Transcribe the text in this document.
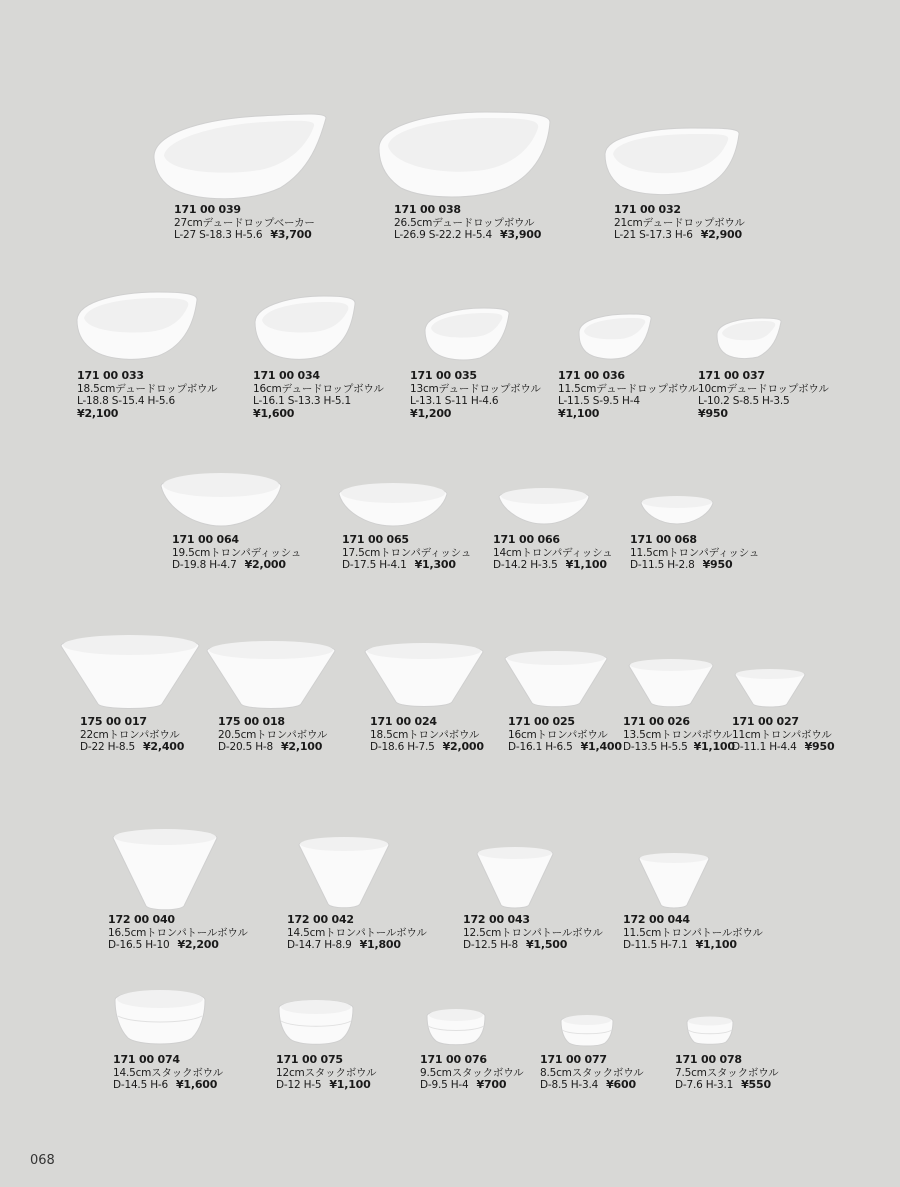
171 00 039
27cmデュードロップベーカー
L-27 S-18.3 H-5.6 ¥3,700
171 00 038
26.5cmデュードロップボウル
L-26.9 S-22.2 H-5.4 ¥3,900
171 00 032
21cmデュードロップボウル
L-21 S-17.3 H-6 ¥2,900
171 00 033
18.5cmデュードロップボウル
L-18.8 S-15.4 H-5.6
¥2,100
171 00 034
16cmデュードロップボウル
L-16.1 S-13.3 H-5.1
¥1,600
171 00 035
13cmデュードロップボウル
L-13.1 S-11 H-4.6
¥1,200
171 00 036
11.5cmデュードロップボウル
L-11.5 S-9.5 H-4
¥1,100
171 00 037
10cmデュードロップボウル
L-10.2 S-8.5 H-3.5
¥950
171 00 064
19.5cmトロンパディッシュ
D-19.8 H-4.7 ¥2,000
171 00 065
17.5cmトロンパディッシュ
D-17.5 H-4.1 ¥1,300
171 00 066
14cmトロンパディッシュ
D-14.2 H-3.5 ¥1,100
171 00 068
11.5cmトロンパディッシュ
D-11.5 H-2.8 ¥950
175 00 017
22cmトロンパボウル
D-22 H-8.5 ¥2,400
175 00 018
20.5cmトロンパボウル
D-20.5 H-8 ¥2,100
171 00 024
18.5cmトロンパボウル
D-18.6 H-7.5 ¥2,000
171 00 025
16cmトロンパボウル
D-16.1 H-6.5 ¥1,400
171 00 026
13.5cmトロンパボウル
D-13.5 H-5.5 ¥1,100
171 00 027
11cmトロンパボウル
D-11.1 H-4.4 ¥950
172 00 040
16.5cmトロンパトールボウル
D-16.5 H-10 ¥2,200
172 00 042
14.5cmトロンパトールボウル
D-14.7 H-8.9 ¥1,800
172 00 043
12.5cmトロンパトールボウル
D-12.5 H-8 ¥1,500
172 00 044
11.5cmトロンパトールボウル
D-11.5 H-7.1 ¥1,100
171 00 074
14.5cmスタックボウル
D-14.5 H-6 ¥1,600
171 00 075
12cmスタックボウル
D-12 H-5 ¥1,100
171 00 076
9.5cmスタックボウル
D-9.5 H-4 ¥700
171 00 077
8.5cmスタックボウル
D-8.5 H-3.4 ¥600
171 00 078
7.5cmスタックボウル
D-7.6 H-3.1 ¥550
068
